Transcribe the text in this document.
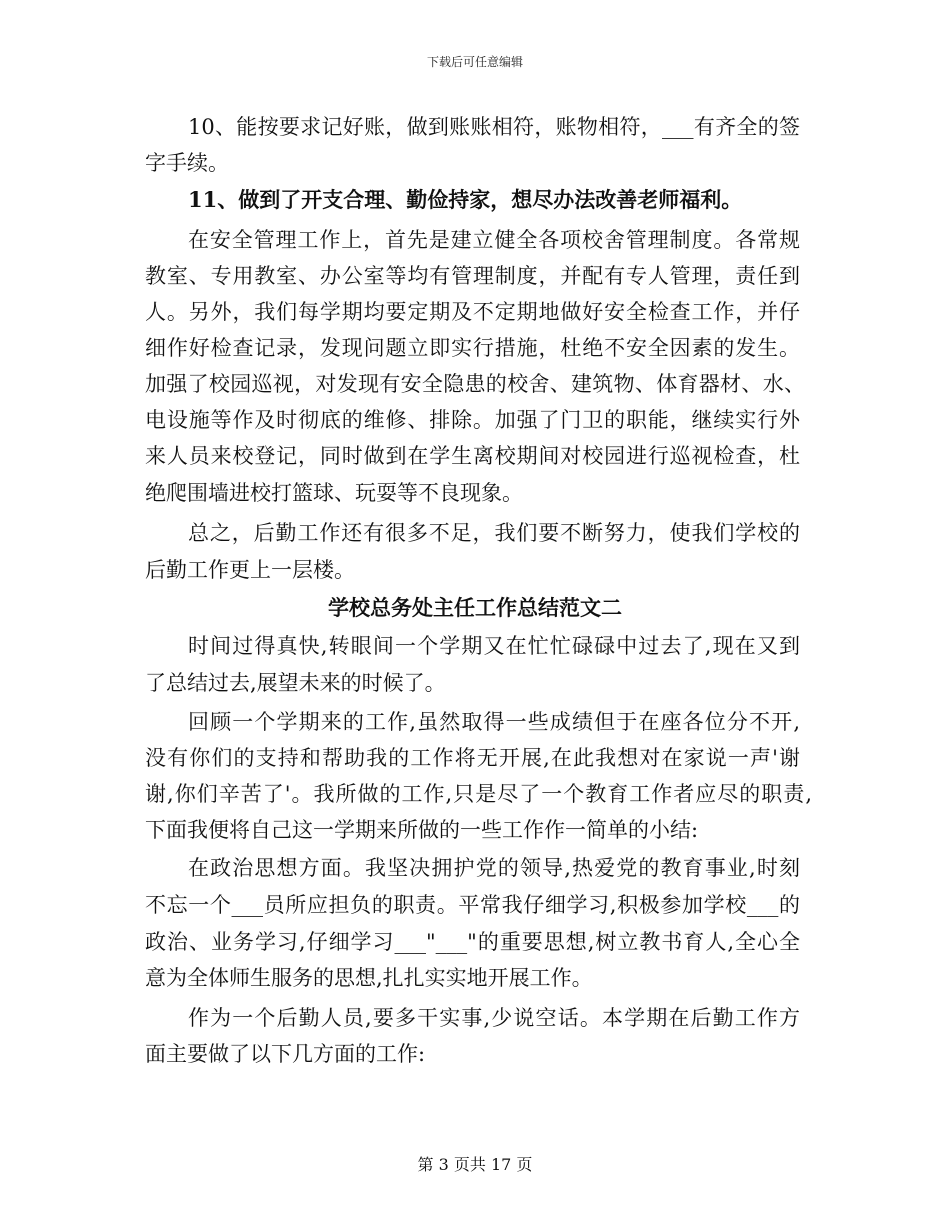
下载后可任意编辑
10、能按要求记好账，做到账账相符，账物相符，___有齐全的签
字手续。
11、做到了开支合理、勤俭持家，想尽办法改善老师福利。
在安全管理工作上，首先是建立健全各项校舍管理制度。各常规
教室、专用教室、办公室等均有管理制度，并配有专人管理，责任到
人。另外，我们每学期均要定期及不定期地做好安全检查工作，并仔
细作好检查记录，发现问题立即实行措施，杜绝不安全因素的发生。
加强了校园巡视，对发现有安全隐患的校舍、建筑物、体育器材、水、
电设施等作及时彻底的维修、排除。加强了门卫的职能，继续实行外
来人员来校登记，同时做到在学生离校期间对校园进行巡视检查，杜
绝爬围墙进校打篮球、玩耍等不良现象。
总之，后勤工作还有很多不足，我们要不断努力，使我们学校的
后勤工作更上一层楼。
学校总务处主任工作总结范文二
时间过得真快,转眼间一个学期又在忙忙碌碌中过去了,现在又到
了总结过去,展望未来的时候了。
回顾一个学期来的工作,虽然取得一些成绩但于在座各位分不开,
没有你们的支持和帮助我的工作将无开展,在此我想对在家说一声'谢
谢,你们辛苦了'。我所做的工作,只是尽了一个教育工作者应尽的职责,
下面我便将自己这一学期来所做的一些工作作一简单的小结:
在政治思想方面。我坚决拥护党的领导,热爱党的教育事业,时刻
不忘一个___员所应担负的职责。平常我仔细学习,积极参加学校___的
政治、业务学习,仔细学习___"___"的重要思想,树立教书育人,全心全
意为全体师生服务的思想,扎扎实实地开展工作。
作为一个后勤人员,要多干实事,少说空话。本学期在后勤工作方
面主要做了以下几方面的工作:
第 3 页共 17 页
